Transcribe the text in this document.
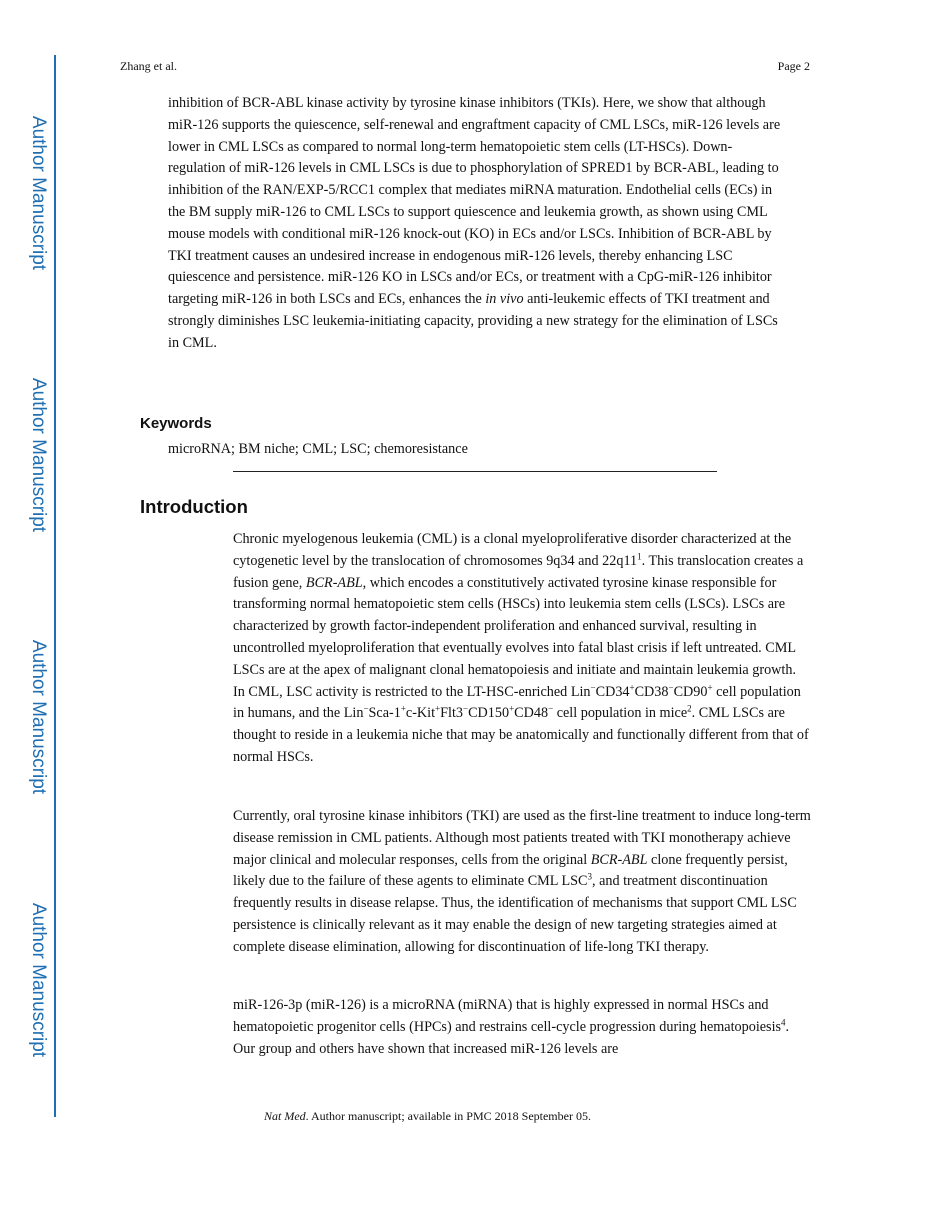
Author Manuscript
Author Manuscript
Author Manuscript
Author Manuscript
Zhang et al.	Page 2

inhibition of BCR-ABL kinase activity by tyrosine kinase inhibitors (TKIs). Here, we show that although miR-126 supports the quiescence, self-renewal and engraftment capacity of CML LSCs, miR-126 levels are lower in CML LSCs as compared to normal long-term hematopoietic stem cells (LT-HSCs). Down-regulation of miR-126 levels in CML LSCs is due to phosphorylation of SPRED1 by BCR-ABL, leading to inhibition of the RAN/EXP-5/RCC1 complex that mediates miRNA maturation. Endothelial cells (ECs) in the BM supply miR-126 to CML LSCs to support quiescence and leukemia growth, as shown using CML mouse models with conditional miR-126 knock-out (KO) in ECs and/or LSCs. Inhibition of BCR-ABL by TKI treatment causes an undesired increase in endogenous miR-126 levels, thereby enhancing LSC quiescence and persistence. miR-126 KO in LSCs and/or ECs, or treatment with a CpG-miR-126 inhibitor targeting miR-126 in both LSCs and ECs, enhances the in vivo anti-leukemic effects of TKI treatment and strongly diminishes LSC leukemia-initiating capacity, providing a new strategy for the elimination of LSCs in CML.

Keywords
microRNA; BM niche; CML; LSC; chemoresistance
Introduction

Chronic myelogenous leukemia (CML) is a clonal myeloproliferative disorder characterized at the cytogenetic level by the translocation of chromosomes 9q34 and $22q11^1$. This translocation creates a fusion gene, BCR-ABL, which encodes a constitutively activated tyrosine kinase responsible for transforming normal hematopoietic stem cells (HSCs) into leukemia stem cells (LSCs). LSCs are characterized by growth factor-independent proliferation and enhanced survival, resulting in uncontrolled myeloproliferation that eventually evolves into fatal blast crisis if left untreated. CML LSCs are at the apex of malignant clonal hematopoiesis and initiate and maintain leukemia growth. In CML, LSC activity is restricted to the LT-HSC-enriched Lin−CD34+CD38−CD90+ cell population in humans, and the Lin−Sca-1+c-Kit+Flt3−CD150+CD48− cell population in mice$^2$. CML LSCs are thought to reside in a leukemia niche that may be anatomically and functionally different from that of normal HSCs.

Currently, oral tyrosine kinase inhibitors (TKI) are used as the first-line treatment to induce long-term disease remission in CML patients. Although most patients treated with TKI monotherapy achieve major clinical and molecular responses, cells from the original BCR-ABL clone frequently persist, likely due to the failure of these agents to eliminate CML LSC$^3$, and treatment discontinuation frequently results in disease relapse. Thus, the identification of mechanisms that support CML LSC persistence is clinically relevant as it may enable the design of new targeting strategies aimed at complete disease elimination, allowing for discontinuation of life-long TKI therapy.

miR-126-3p (miR-126) is a microRNA (miRNA) that is highly expressed in normal HSCs and hematopoietic progenitor cells (HPCs) and restrains cell-cycle progression during hematopoiesis$^4$. Our group and others have shown that increased miR-126 levels are

Nat Med. Author manuscript; available in PMC 2018 September 05.
